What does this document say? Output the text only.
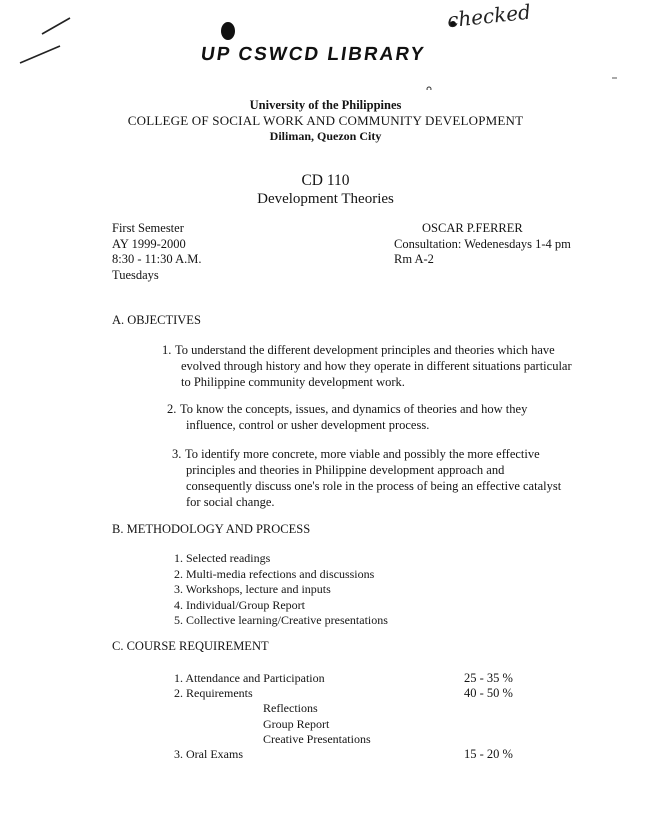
UP CSWCD LIBRARY
checked
University of the Philippines
COLLEGE OF SOCIAL WORK AND COMMUNITY DEVELOPMENT
Diliman, Quezon City
CD 110
Development Theories
First Semester
AY 1999-2000
8:30 - 11:30 A.M.
Tuesdays
OSCAR P.FERRER
Consultation: Wedenesdays 1-4 pm
Rm A-2
A. OBJECTIVES
1. To understand the different development principles and theories which have
evolved through history and how they operate in different situations particular
to Philippine community development work.
2. To know the concepts, issues, and dynamics of theories and how they
influence, control or usher development process.
3. To identify more concrete, more viable and possibly the more effective
principles and theories in Philippine development approach and
consequently discuss one's role in the process of being an effective catalyst
for social change.
B. METHODOLOGY AND PROCESS
1. Selected readings
2. Multi-media refections and discussions
3. Workshops, lecture and inputs
4. Individual/Group Report
5. Collective learning/Creative presentations
C. COURSE REQUIREMENT
1. Attendance and Participation	25 - 35 %
2. Requirements	40 - 50 %
Reflections
Group Report
Creative Presentations
3. Oral Exams	15 - 20 %
